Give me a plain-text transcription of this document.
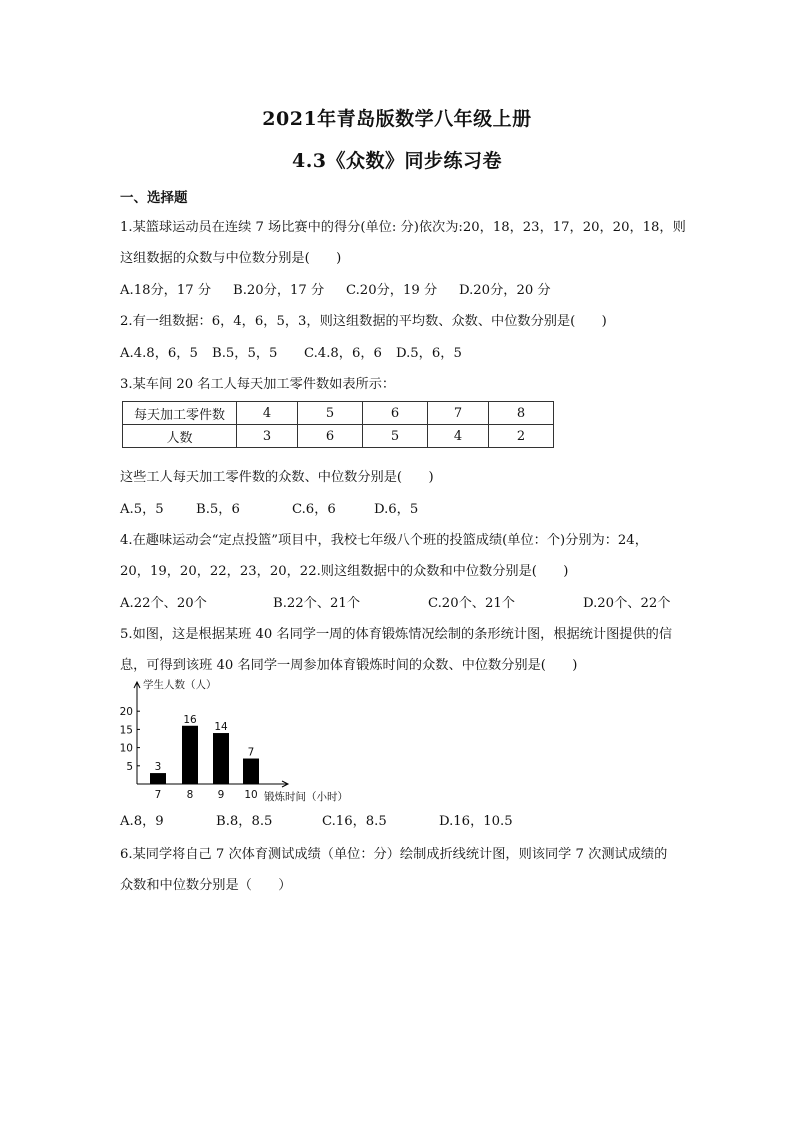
2021年青岛版数学八年级上册
4.3《众数》同步练习卷
一、选择题
1.某篮球运动员在连续 7 场比赛中的得分(单位: 分)依次为:20，18，23，17，20，20，18，则
这组数据的众数与中位数分别是(　　)
A.18分，17 分 B.20分，17 分 C.20分，19 分 D.20分，20 分
2.有一组数据：6，4，6，5，3，则这组数据的平均数、众数、中位数分别是(　　)
A.4.8，6，5 B.5，5，5 C.4.8，6，6 D.5，6，5
3.某车间 20 名工人每天加工零件数如表所示：
每天加工零件数	4	5	6	7	8
人数	3	6	5	4	2
这些工人每天加工零件数的众数、中位数分别是(　　)
A.5，5 B.5，6	C.6，6	D.6，5
4.在趣味运动会“定点投篮”项目中，我校七年级八个班的投篮成绩(单位：个)分别为：24，
20，19，20，22，23，20，22.则这组数据中的众数和中位数分别是(　　)
A.22个、20个	B.22个、21个	C.20个、21个	D.20个、22个
5.如图，这是根据某班 40 名同学一周的体育锻炼情况绘制的条形统计图，根据统计图提供的信
息，可得到该班 40 名同学一周参加体育锻炼时间的众数、中位数分别是(　　)
5
10
15
20
学生人数（人）
锻炼时间（小时）
3
7
16
8
14
9
7
10
A.8，9	B.8，8.5	C.16，8.5	D.16，10.5
6.某同学将自己 7 次体育测试成绩（单位：分）绘制成折线统计图，则该同学 7 次测试成绩的
众数和中位数分别是（　　）
